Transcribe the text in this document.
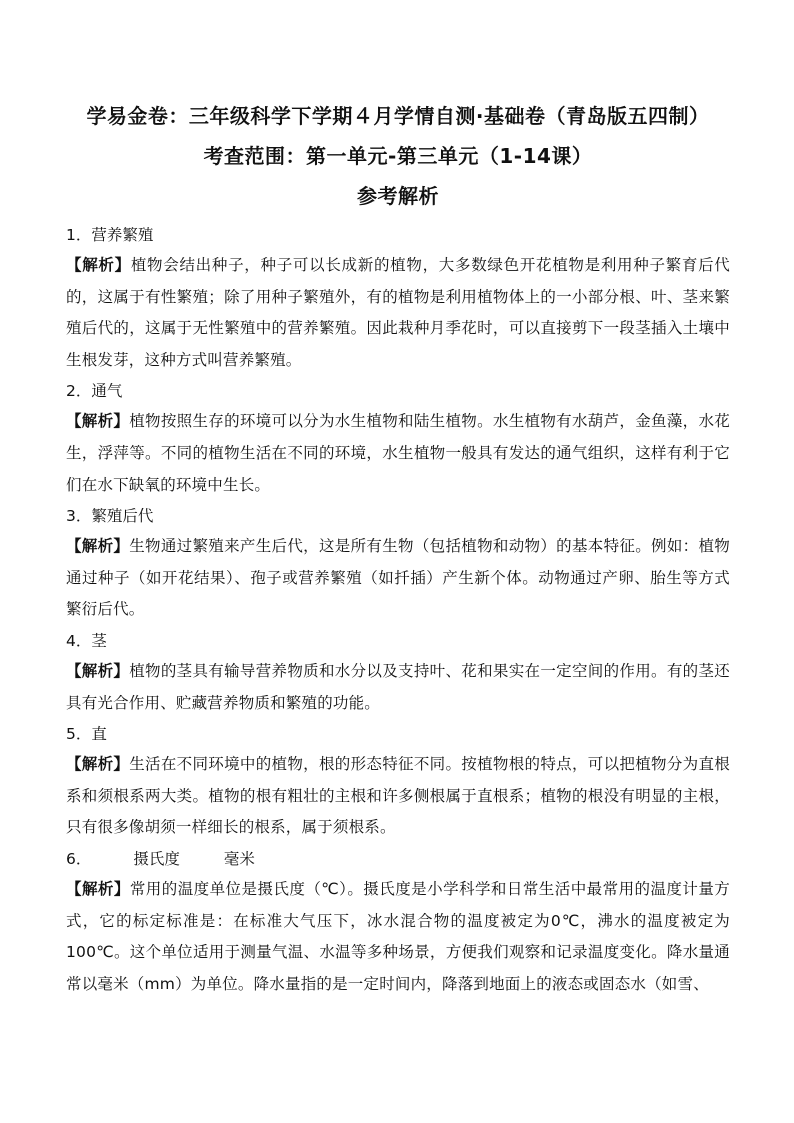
学易金卷：三年级科学下学期４月学情自测·基础卷（青岛版五四制）
考查范围：第一单元-第三单元（1-14课）
参考解析
1．营养繁殖
【解析】植物会结出种子，种子可以长成新的植物，大多数绿色开花植物是利用种子繁育后代的，这属于有性繁殖；除了用种子繁殖外，有的植物是利用植物体上的一小部分根、叶、茎来繁殖后代的，这属于无性繁殖中的营养繁殖。因此栽种月季花时，可以直接剪下一段茎插入土壤中生根发芽，这种方式叫营养繁殖。
2．通气
【解析】植物按照生存的环境可以分为水生植物和陆生植物。水生植物有水葫芦，金鱼藻，水花生，浮萍等。不同的植物生活在不同的环境，水生植物一般具有发达的通气组织，这样有利于它们在水下缺氧的环境中生长。
3．繁殖后代
【解析】生物通过繁殖来产生后代，这是所有生物（包括植物和动物）的基本特征。例如：植物通过种子（如开花结果）、孢子或营养繁殖（如扦插）产生新个体。动物通过产卵、胎生等方式繁衍后代。
4．茎
【解析】植物的茎具有输导营养物质和水分以及支持叶、花和果实在一定空间的作用。有的茎还具有光合作用、贮藏营养物质和繁殖的功能。
5．直
【解析】生活在不同环境中的植物，根的形态特征不同。按植物根的特点，可以把植物分为直根系和须根系两大类。植物的根有粗壮的主根和许多侧根属于直根系；植物的根没有明显的主根，只有很多像胡须一样细长的根系，属于须根系。
6．	摄氏度	毫米
【解析】常用的温度单位是摄氏度（℃）。摄氏度是小学科学和日常生活中最常用的温度计量方式，它的标定标准是：在标准大气压下，冰水混合物的温度被定为0℃，沸水的温度被定为100℃。这个单位适用于测量气温、水温等多种场景，方便我们观察和记录温度变化。降水量通常以毫米（mm）为单位。降水量指的是一定时间内，降落到地面上的液态或固态水（如雪、
